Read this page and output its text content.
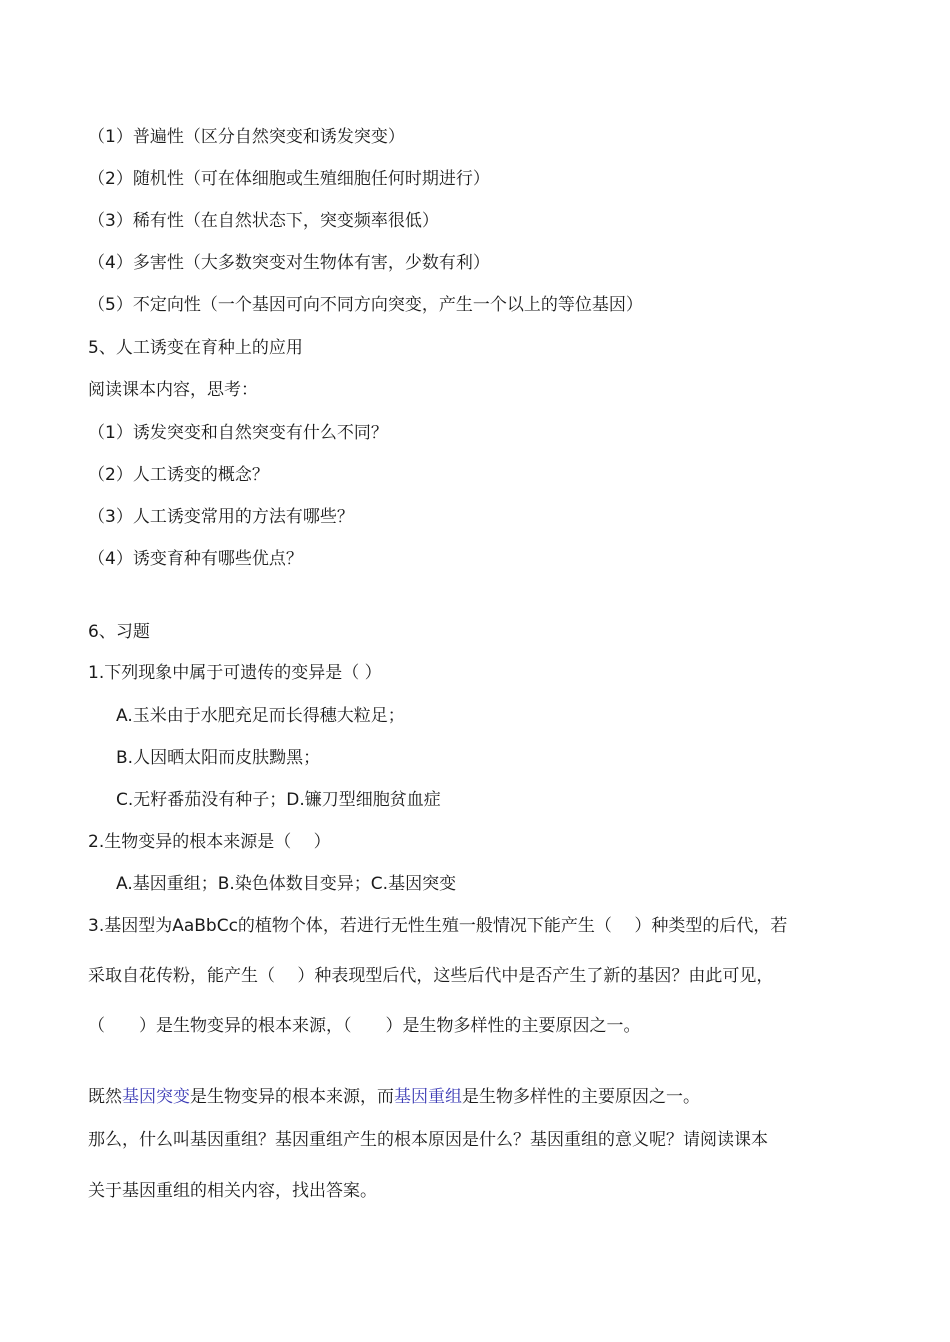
（1）普遍性（区分自然突变和诱发突变）
（2）随机性（可在体细胞或生殖细胞任何时期进行）
（3）稀有性（在自然状态下，突变频率很低）
（4）多害性（大多数突变对生物体有害，少数有利）
（5）不定向性（一个基因可向不同方向突变，产生一个以上的等位基因）
5、人工诱变在育种上的应用
阅读课本内容，思考：
（1）诱发突变和自然突变有什么不同？
（2）人工诱变的概念？
（3）人工诱变常用的方法有哪些？
（4）诱变育种有哪些优点？
6、习题
1.下列现象中属于可遗传的变异是（ ）
A.玉米由于水肥充足而长得穗大粒足；
B.人因晒太阳而皮肤黝黑；
C.无籽番茄没有种子；D.镰刀型细胞贫血症
2.生物变异的根本来源是（　 ）
A.基因重组；B.染色体数目变异；C.基因突变
3.基因型为AaBbCc的植物个体，若进行无性生殖一般情况下能产生（　 ）种类型的后代，若
采取自花传粉，能产生（　 ）种表现型后代，这些后代中是否产生了新的基因？由此可见，
（　　）是生物变异的根本来源，（　　）是生物多样性的主要原因之一。
既然基因突变是生物变异的根本来源，而基因重组是生物多样性的主要原因之一。
那么，什么叫基因重组？基因重组产生的根本原因是什么？基因重组的意义呢？请阅读课本
关于基因重组的相关内容，找出答案。
